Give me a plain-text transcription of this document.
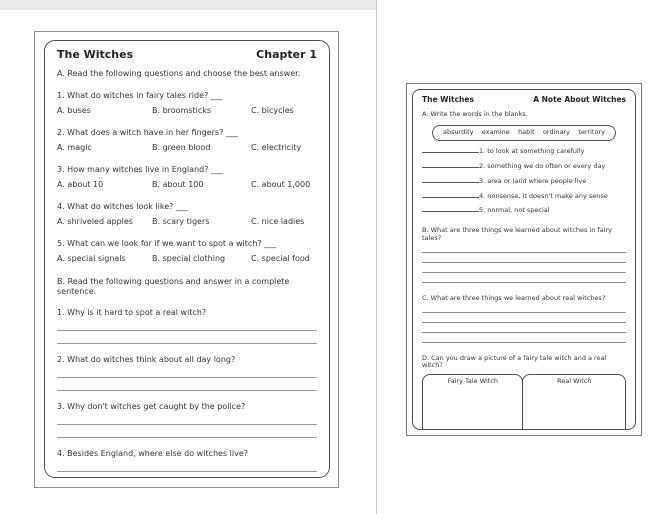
The Witches	Chapter 1
A. Read the following questions and choose the best answer.
1. What do witches in fairy tales ride? ___
A. buses	B. broomsticks	C. bicycles
2. What does a witch have in her fingers? ___
A. magic	B. green blood	C. electricity
3. How many witches live in England? ___
A. about 10	B. about 100	C. about 1,000
4. What do witches look like? ___
A. shriveled apples	B. scary tigers	C. nice ladies
5. What can we look for if we want to spot a witch? ___
A. special signals	B. special clothing	C. special food
B. Read the following questions and answer in a complete sentence.
1. Why is it hard to spot a real witch?
2. What do witches think about all day long?
3. Why don't witches get caught by the police?
4. Besides England, where else do witches live?
The Witches	A Note About Witches
A. Write the words in the blanks.
absurdity examine habit ordinary territory
1. to look at something carefully
2. something we do often or every day
3. area or land where people live
4. nonsense, it doesn't make any sense
5. normal, not special
B. What are three things we learned about witches in fairy tales?
C. What are three things we learned about real witches?
D. Can you draw a picture of a fairy tale witch and a real witch?
Fairy Tale Witch	Real Witch
